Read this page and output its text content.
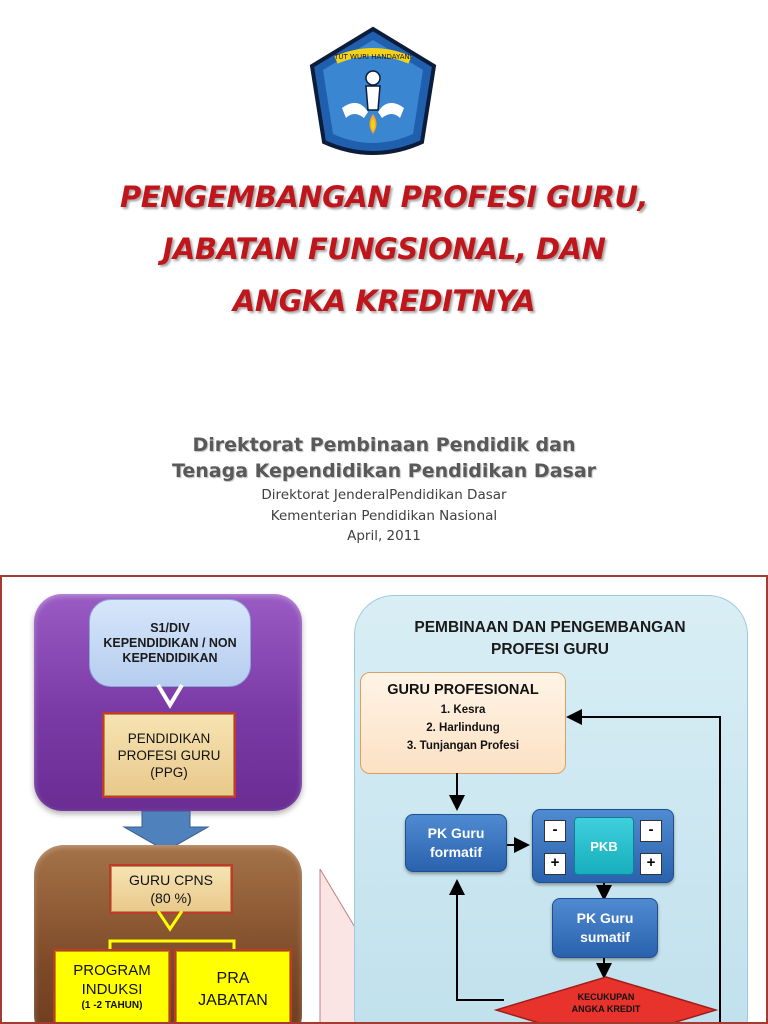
TUT WURI HANDAYANI
PENGEMBANGAN PROFESI GURU,
JABATAN FUNGSIONAL, DAN
ANGKA KREDITNYA
Direktorat Pembinaan Pendidik dan
Tenaga Kependidikan Pendidikan Dasar
Direktorat JenderalPendidikan Dasar
Kementerian Pendidikan Nasional
April, 2011
S1/DIV
KEPENDIDIKAN / NON
KEPENDIDIKAN
PENDIDIKAN
PROFESI GURU
(PPG)
GURU CPNS
(80 %)
PROGRAM
INDUKSI
(1 -2 TAHUN)
PRA
JABATAN
PEMBINAAN DAN PENGEMBANGAN
PROFESI GURU
GURU PROFESIONAL
1. Kesra
2. Harlindung
3. Tunjangan Profesi
PK Guru
formatif	PKB
-
+
-
+
PK Guru
sumatif
KECUKUPAN
ANGKA KREDIT
